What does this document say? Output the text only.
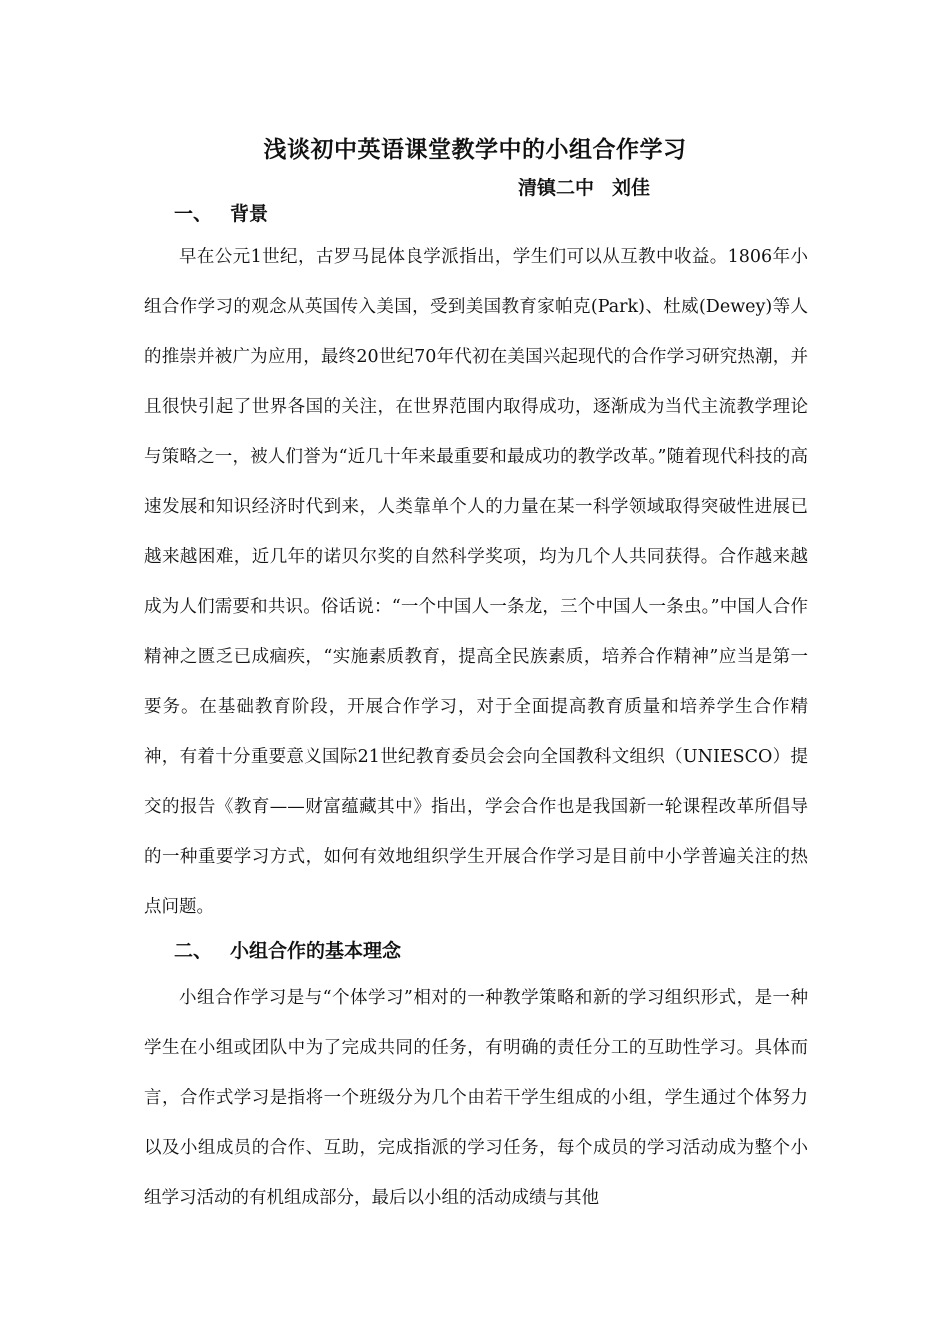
浅谈初中英语课堂教学中的小组合作学习
清镇二中 刘佳
一、 背景

早在公元1世纪，古罗马昆体良学派指出，学生们可以从互教中收益。1806年小组合作学习的观念从英国传入美国，受到美国教育家帕克(Park)、杜威(Dewey)等人的推崇并被广为应用，最终20世纪70年代初在美国兴起现代的合作学习研究热潮，并且很快引起了世界各国的关注，在世界范围内取得成功，逐渐成为当代主流教学理论与策略之一，被人们誉为“近几十年来最重要和最成功的教学改革。”随着现代科技的高速发展和知识经济时代到来，人类靠单个人的力量在某一科学领域取得突破性进展已越来越困难，近几年的诺贝尔奖的自然科学奖项，均为几个人共同获得。合作越来越成为人们需要和共识。俗话说：“一个中国人一条龙，三个中国人一条虫。”中国人合作精神之匮乏已成痼疾，“实施素质教育，提高全民族素质，培养合作精神”应当是第一要务。在基础教育阶段，开展合作学习，对于全面提高教育质量和培养学生合作精神，有着十分重要意义国际21世纪教育委员会会向全国教科文组织（UNIESCO）提交的报告《教育——财富蕴藏其中》指出，学会合作也是我国新一轮课程改革所倡导的一种重要学习方式，如何有效地组织学生开展合作学习是目前中小学普遍关注的热点问题。

二、 小组合作的基本理念

小组合作学习是与“个体学习”相对的一种教学策略和新的学习组织形式，是一种学生在小组或团队中为了完成共同的任务，有明确的责任分工的互助性学习。具体而言，合作式学习是指将一个班级分为几个由若干学生组成的小组，学生通过个体努力以及小组成员的合作、互助，完成指派的学习任务，每个成员的学习活动成为整个小组学习活动的有机组成部分，最后以小组的活动成绩与其他
